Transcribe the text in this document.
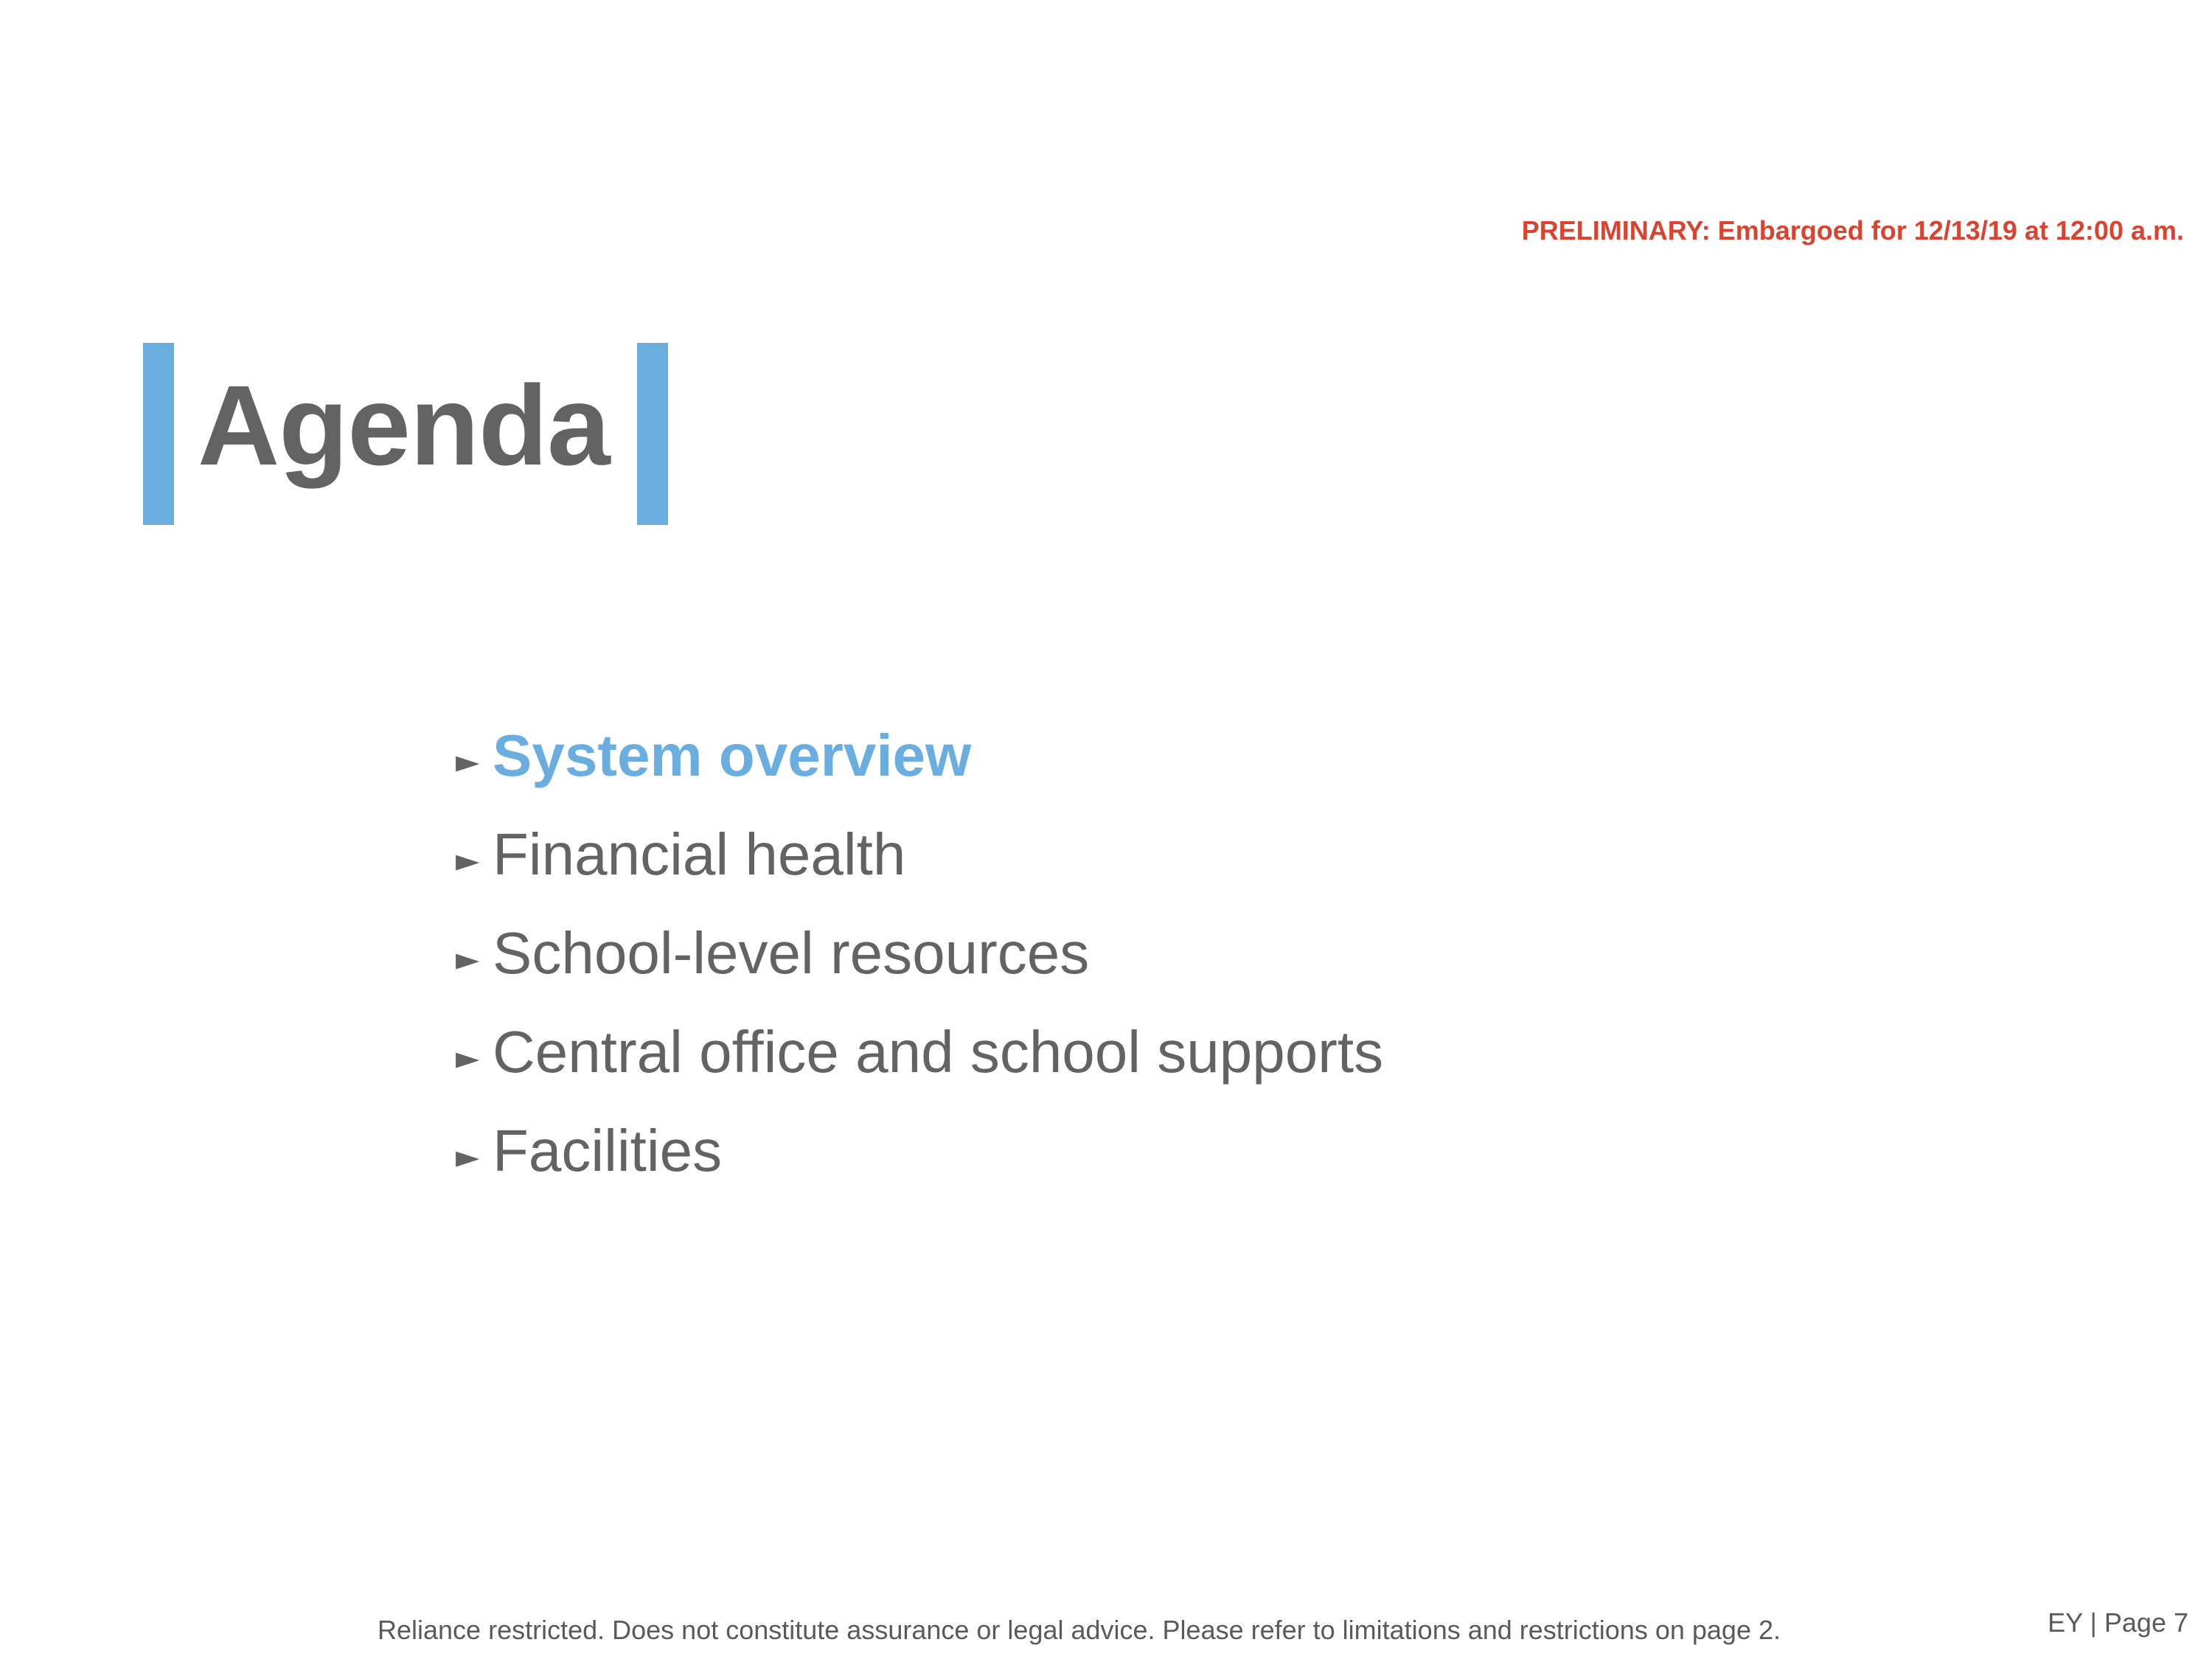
PRELIMINARY: Embargoed for 12/13/19 at 12:00 a.m.
Agenda
► System overview
► Financial health
► School-level resources
► Central office and school supports
► Facilities
Reliance restricted. Does not constitute assurance or legal advice. Please refer to limitations and restrictions on page 2.	EY | Page 7
